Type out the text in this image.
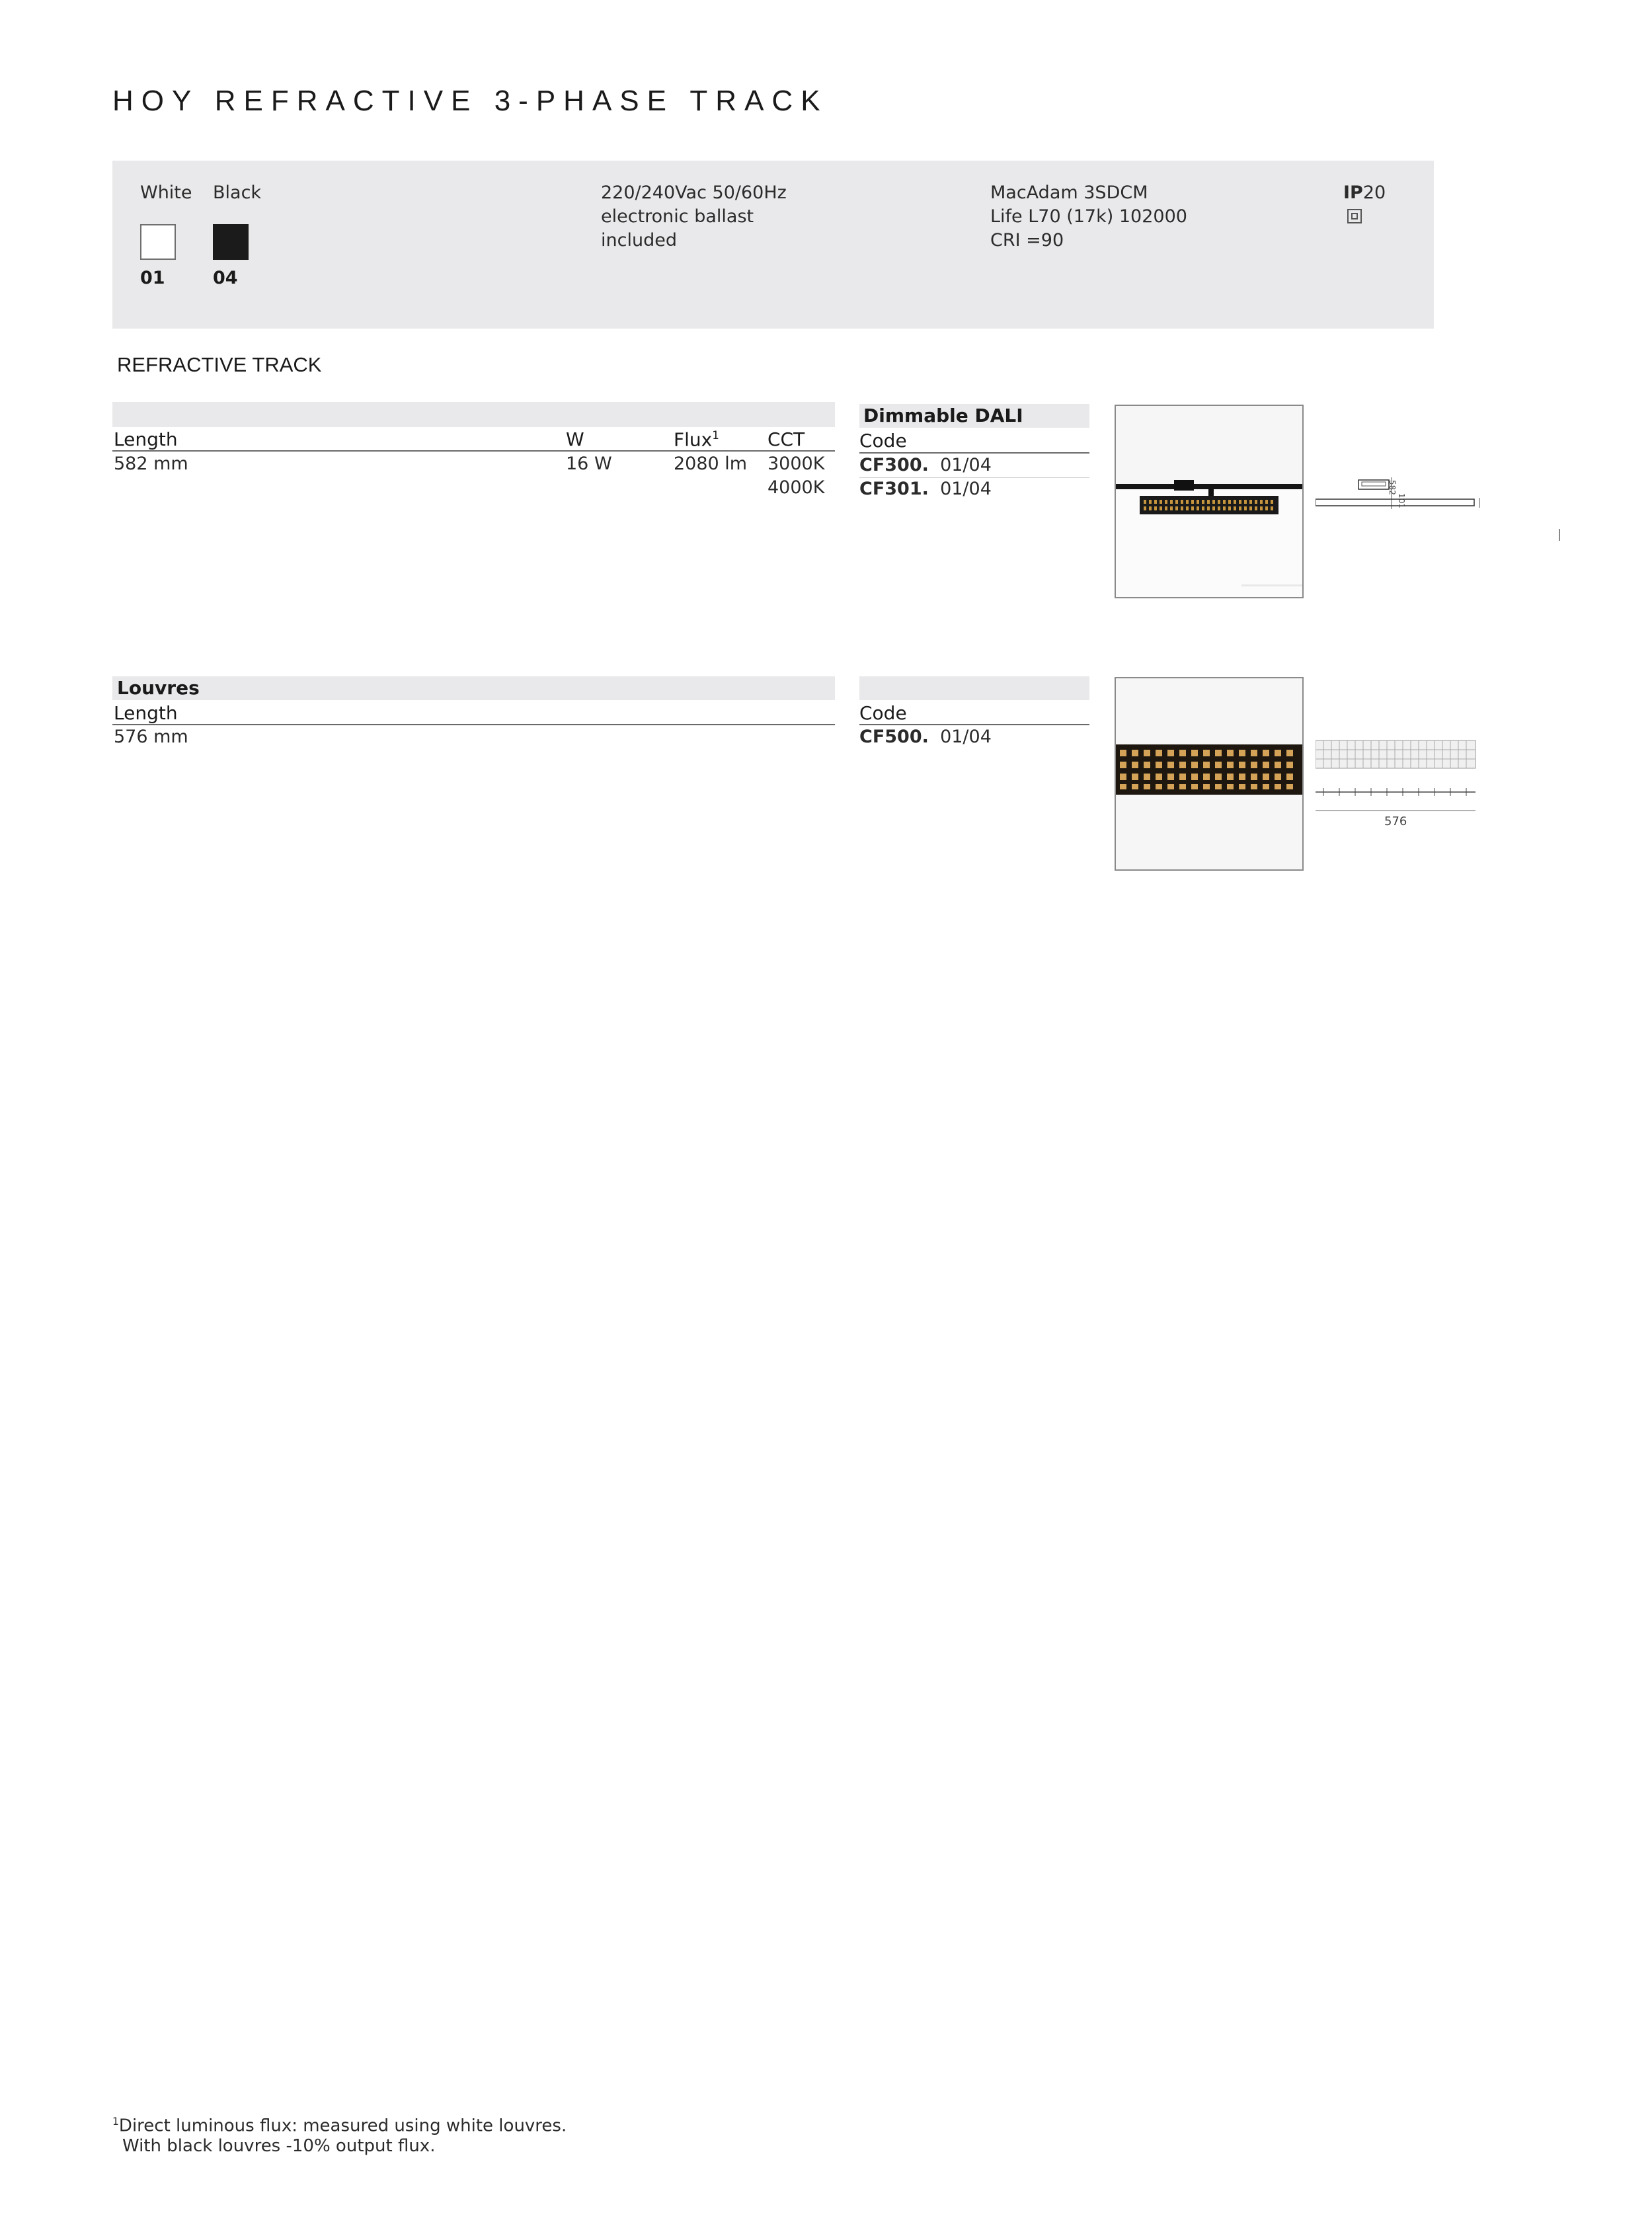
HOY REFRACTIVE 3-PHASE TRACK
White Black
01	04
220/240Vac 50/60Hz
electronic ballast
included
MacAdam 3SDCM
Life L70 (17k) 102000
CRI =90
IP20
REFRACTIVE TRACK
Length	W	Flux$^1$	CCT
582 mm	16 W	2080 lm 3000K
4000K
Dimmable DALI
Code
CF300. 01/04
CF301. 01/04
101
582
Louvres
Length
576 mm
Code
CF500. 01/04
576
$^1$Direct luminous flux: measured using white louvres.
With black louvres -10% output flux.
